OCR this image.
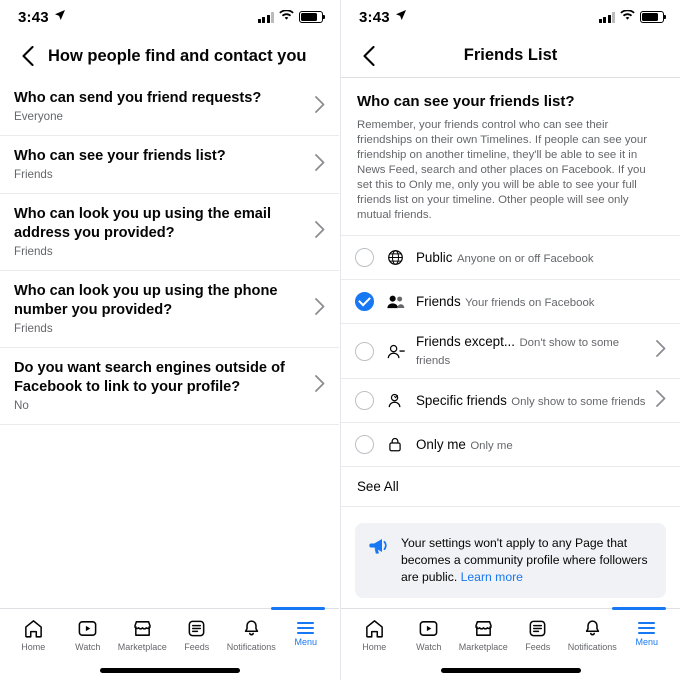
3:43
How people find and contact you
Who can send you friend requests?
Everyone
Who can see your friends list?
Friends
Who can look you up using the email address you provided?
Friends
Who can look you up using the phone number you provided?
Friends
Do you want search engines outside of Facebook to link to your profile?
No
Home	Watch Marketplace Feeds Notifications Menu
3:43
Friends List
Who can see your friends list?

Remember, your friends control who can see their friendships on their own Timelines. If people can see your friendship on another timeline, they'll be able to see it in News Feed, search and other places on Facebook. If you set this to Only me, only you will be able to see your full friends list on your timeline. Other people will see only mutual friends.

Public Anyone on or off Facebook
Friends Your friends on Facebook
Friends except... Don't show to some friends
Specific friends Only show to some friends
Only me Only me
See All

Your settings won't apply to any Page that becomes a community profile where followers are public. Learn more

Home	Watch Marketplace Feeds Notifications Menu
